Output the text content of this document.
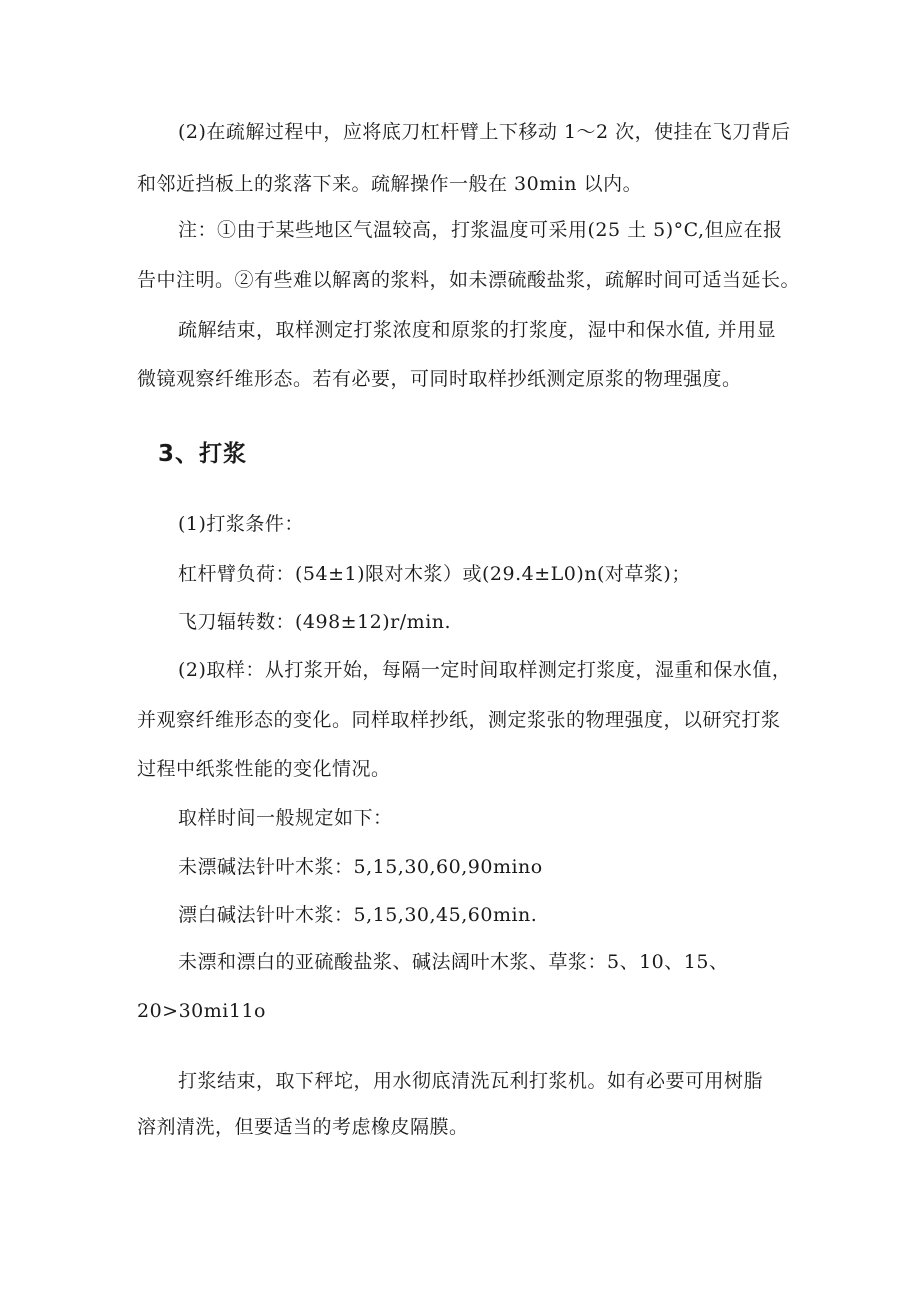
(2)在疏解过程中，应将底刀杠杆臂上下移动 1～2 次，使挂在飞刀背后
和邻近挡板上的浆落下来。疏解操作一般在 30min 以内。
注：①由于某些地区气温较高，打浆温度可采用(25 土 5)°C,但应在报
告中注明。②有些难以解离的浆料，如未漂硫酸盐浆，疏解时间可适当延长。
疏解结束，取样测定打浆浓度和原浆的打浆度，湿中和保水值, 并用显
微镜观察纤维形态。若有必要，可同时取样抄纸测定原浆的物理强度。
3、打浆
(1)打浆条件：
杠杆臂负荷：(54±1)限对木浆）或(29.4±L0)n(对草浆)；
飞刀辐转数：(498±12)r∕min.
(2)取样：从打浆开始，每隔一定时间取样测定打浆度，湿重和保水值，
并观察纤维形态的变化。同样取样抄纸，测定浆张的物理强度，以研究打浆
过程中纸浆性能的变化情况。
取样时间一般规定如下：
未漂碱法针叶木浆：5,15,30,60,90mino
漂白碱法针叶木浆：5,15,30,45,60min.
未漂和漂白的亚硫酸盐浆、碱法阔叶木浆、草浆：5、10、15、
20>30mi11o
打浆结束，取下秤坨，用水彻底清洗瓦利打浆机。如有必要可用树脂
溶剂清洗，但要适当的考虑橡皮隔膜。
